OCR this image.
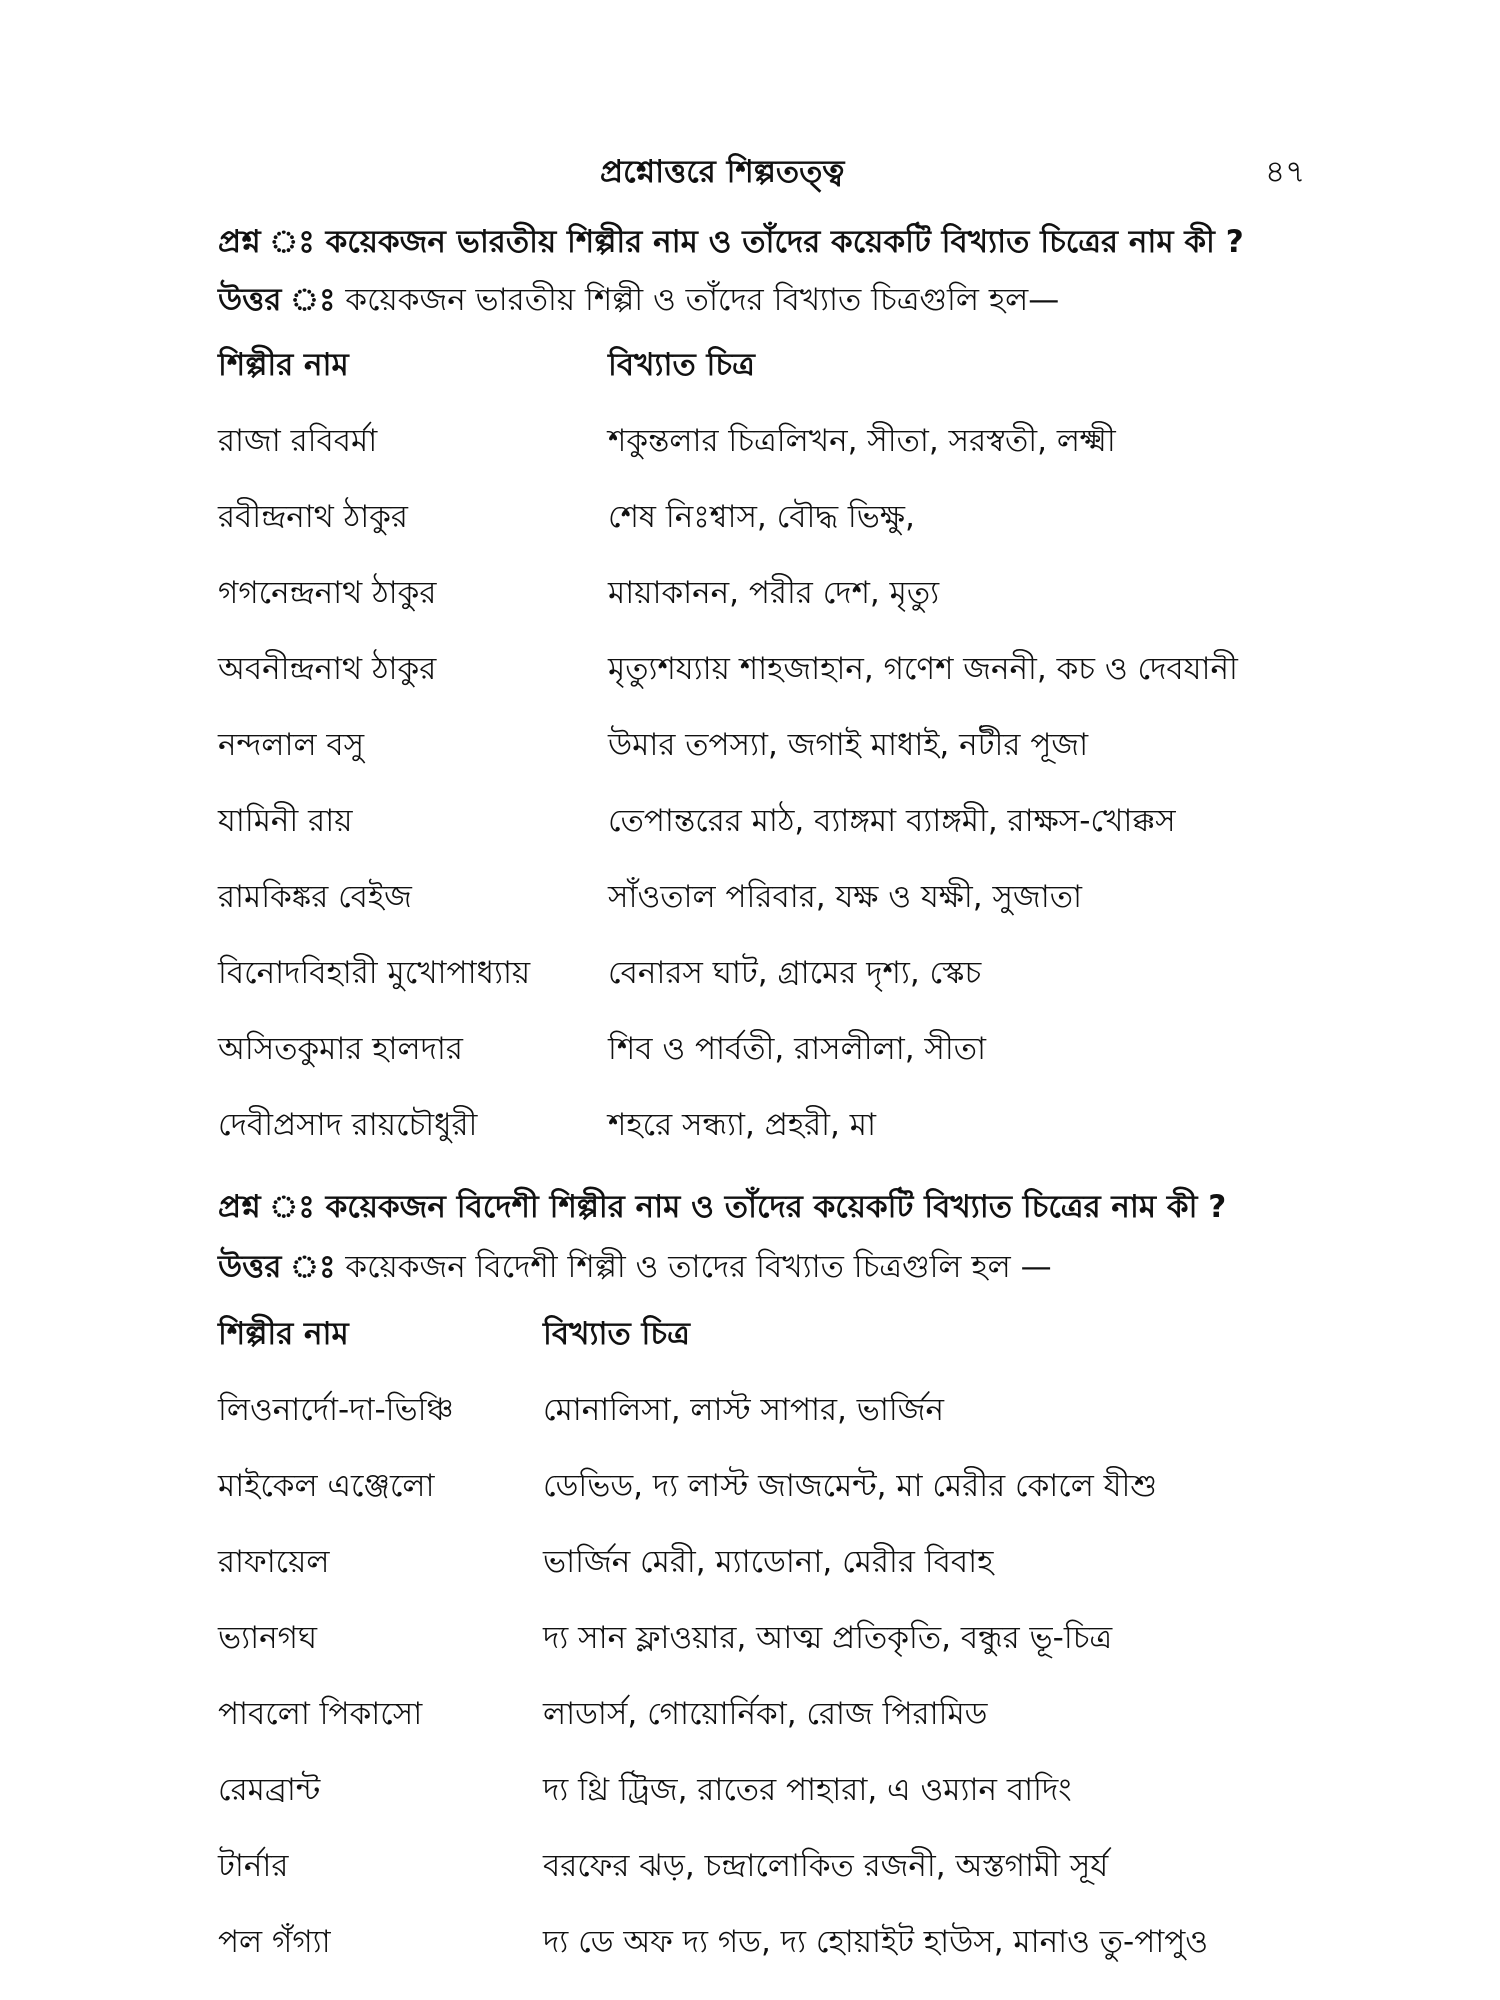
প্রশ্নোত্তরে শিল্পতত্ত্ব	৪৭
প্রশ্ন ঃ কয়েকজন ভারতীয় শিল্পীর নাম ও তাঁদের কয়েকটি বিখ্যাত চিত্রের নাম কী ?
উত্তর ঃ কয়েকজন ভারতীয় শিল্পী ও তাঁদের বিখ্যাত চিত্রগুলি হল—
শিল্পীর নাম	বিখ্যাত চিত্র
রাজা রবিবর্মা	শকুন্তলার চিত্রলিখন, সীতা, সরস্বতী, লক্ষ্মী
রবীন্দ্রনাথ ঠাকুর	শেষ নিঃশ্বাস, বৌদ্ধ ভিক্ষু,
গগনেন্দ্রনাথ ঠাকুর	মায়াকানন, পরীর দেশ, মৃত্যু
অবনীন্দ্রনাথ ঠাকুর	মৃত্যুশয্যায় শাহজাহান, গণেশ জননী, কচ ও দেবযানী
নন্দলাল বসু	উমার তপস্যা, জগাই মাধাই, নটীর পূজা
যামিনী রায়	তেপান্তরের মাঠ, ব্যাঙ্গমা ব্যাঙ্গমী, রাক্ষস-খোক্কস
রামকিঙ্কর বেইজ	সাঁওতাল পরিবার, যক্ষ ও যক্ষী, সুজাতা
বিনোদবিহারী মুখোপাধ্যায়	বেনারস ঘাট, গ্রামের দৃশ্য, স্কেচ
অসিতকুমার হালদার	শিব ও পার্বতী, রাসলীলা, সীতা
দেবীপ্রসাদ রায়চৌধুরী	শহরে সন্ধ্যা, প্রহরী, মা
প্রশ্ন ঃ কয়েকজন বিদেশী শিল্পীর নাম ও তাঁদের কয়েকটি বিখ্যাত চিত্রের নাম কী ?
উত্তর ঃ কয়েকজন বিদেশী শিল্পী ও তাদের বিখ্যাত চিত্রগুলি হল —
শিল্পীর নাম	বিখ্যাত চিত্র
লিওনার্দো-দা-ভিঞ্চি	মোনালিসা, লাস্ট সাপার, ভার্জিন
মাইকেল এঞ্জেলো	ডেভিড, দ্য লাস্ট জাজমেন্ট, মা মেরীর কোলে যীশু
রাফায়েল	ভার্জিন মেরী, ম্যাডোনা, মেরীর বিবাহ
ভ্যানগঘ	দ্য সান ফ্লাওয়ার, আত্ম প্রতিকৃতি, বন্ধুর ভূ-চিত্র
পাবলো পিকাসো	লাডার্স, গোয়োর্নিকা, রোজ পিরামিড
রেমব্রান্ট	দ্য থ্রি ট্রিজ, রাতের পাহারা, এ ওম্যান বাদিং
টার্নার	বরফের ঝড়, চন্দ্রালোকিত রজনী, অস্তগামী সূর্য
পল গঁগ্যা	দ্য ডে অফ দ্য গড, দ্য হোয়াইট হাউস, মানাও তু-পাপুও
